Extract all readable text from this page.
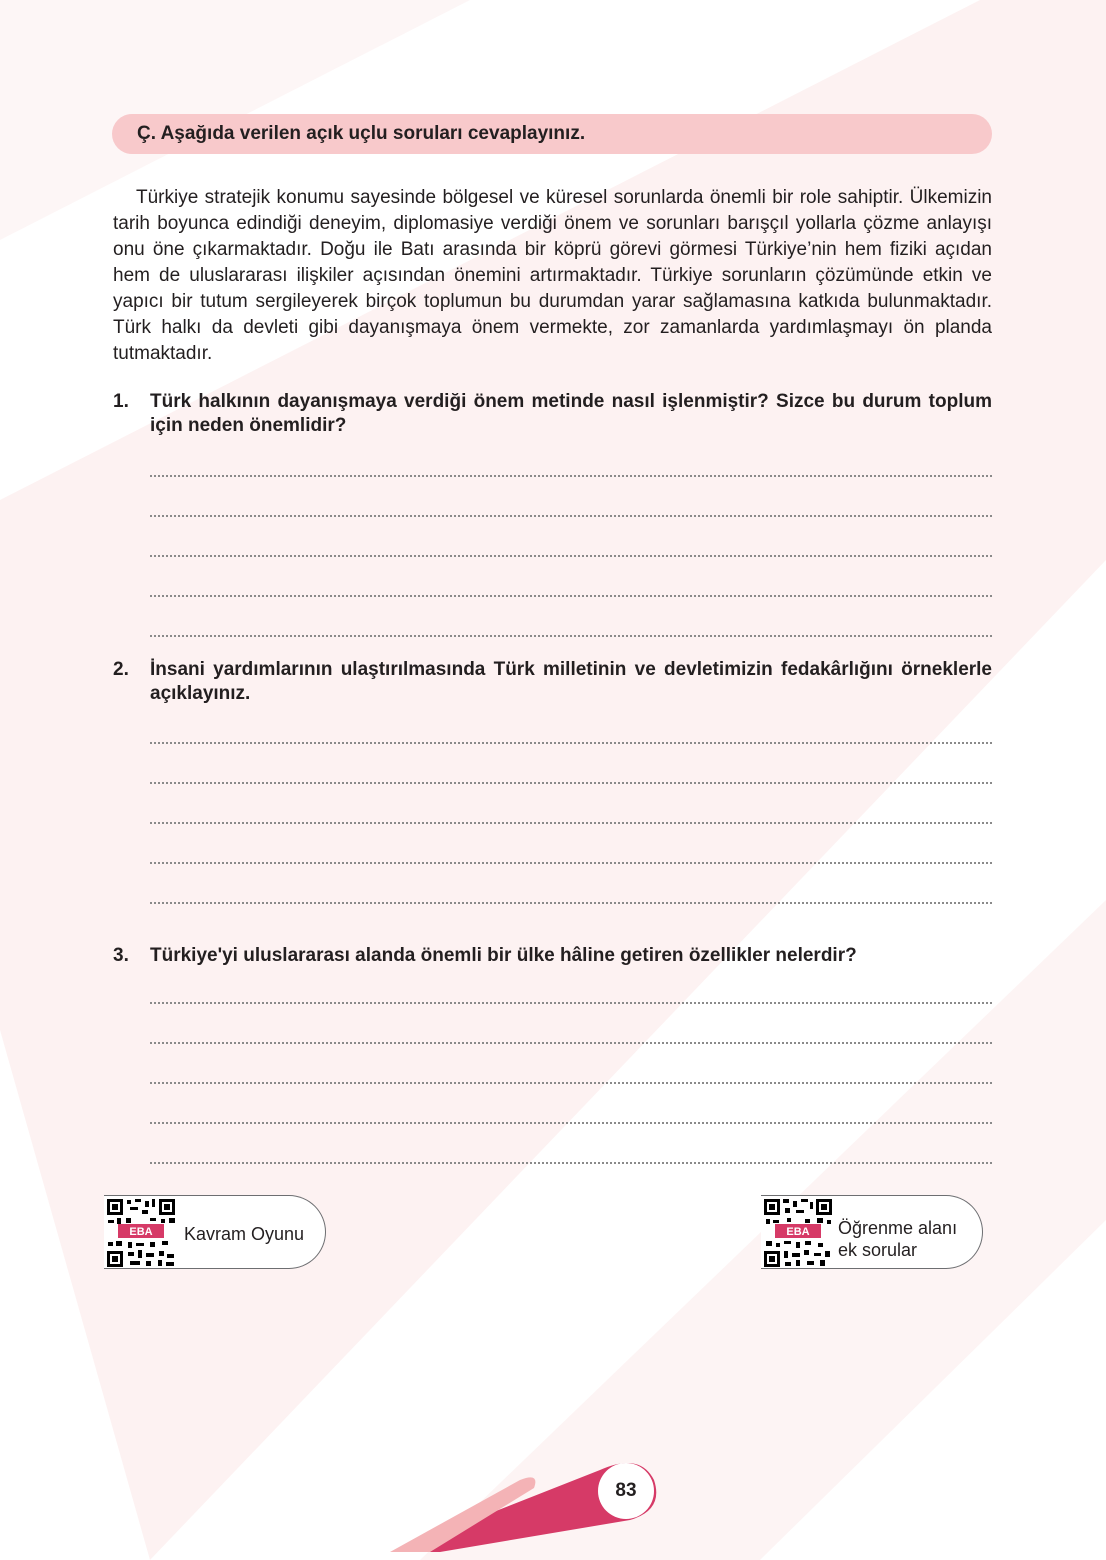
Ç. Aşağıda verilen açık uçlu soruları cevaplayınız.

Türkiye stratejik konumu sayesinde bölgesel ve küresel sorunlarda önemli bir role sahiptir. Ülkemizin tarih boyunca edindiği deneyim, diplomasiye verdiği önem ve sorunları barışçıl yollarla çözme anlayışı onu öne çıkarmaktadır. Doğu ile Batı arasında bir köprü görevi görmesi Türkiye’nin hem fiziki açıdan hem de uluslararası ilişkiler açısından önemini artırmaktadır. Türkiye sorunların çözümünde etkin ve yapıcı bir tutum sergileyerek birçok toplumun bu durumdan yarar sağlamasına katkıda bulunmaktadır. Türk halkı da devleti gibi dayanışmaya önem vermekte, zor zamanlarda yardımlaşmayı ön planda tutmaktadır.

1. Türk halkının dayanışmaya verdiği önem metinde nasıl işlenmiştir? Sizce bu durum toplum için neden önemlidir?

2. İnsani yardımlarının ulaştırılmasında Türk milletinin ve devletimizin fedakârlığını örneklerle açıklayınız.

3. Türkiye'yi uluslararası alanda önemli bir ülke hâline getiren özellikler nelerdir?

EBA Kavram Oyunu	EBA Öğrenme alanı
ek sorular
83
